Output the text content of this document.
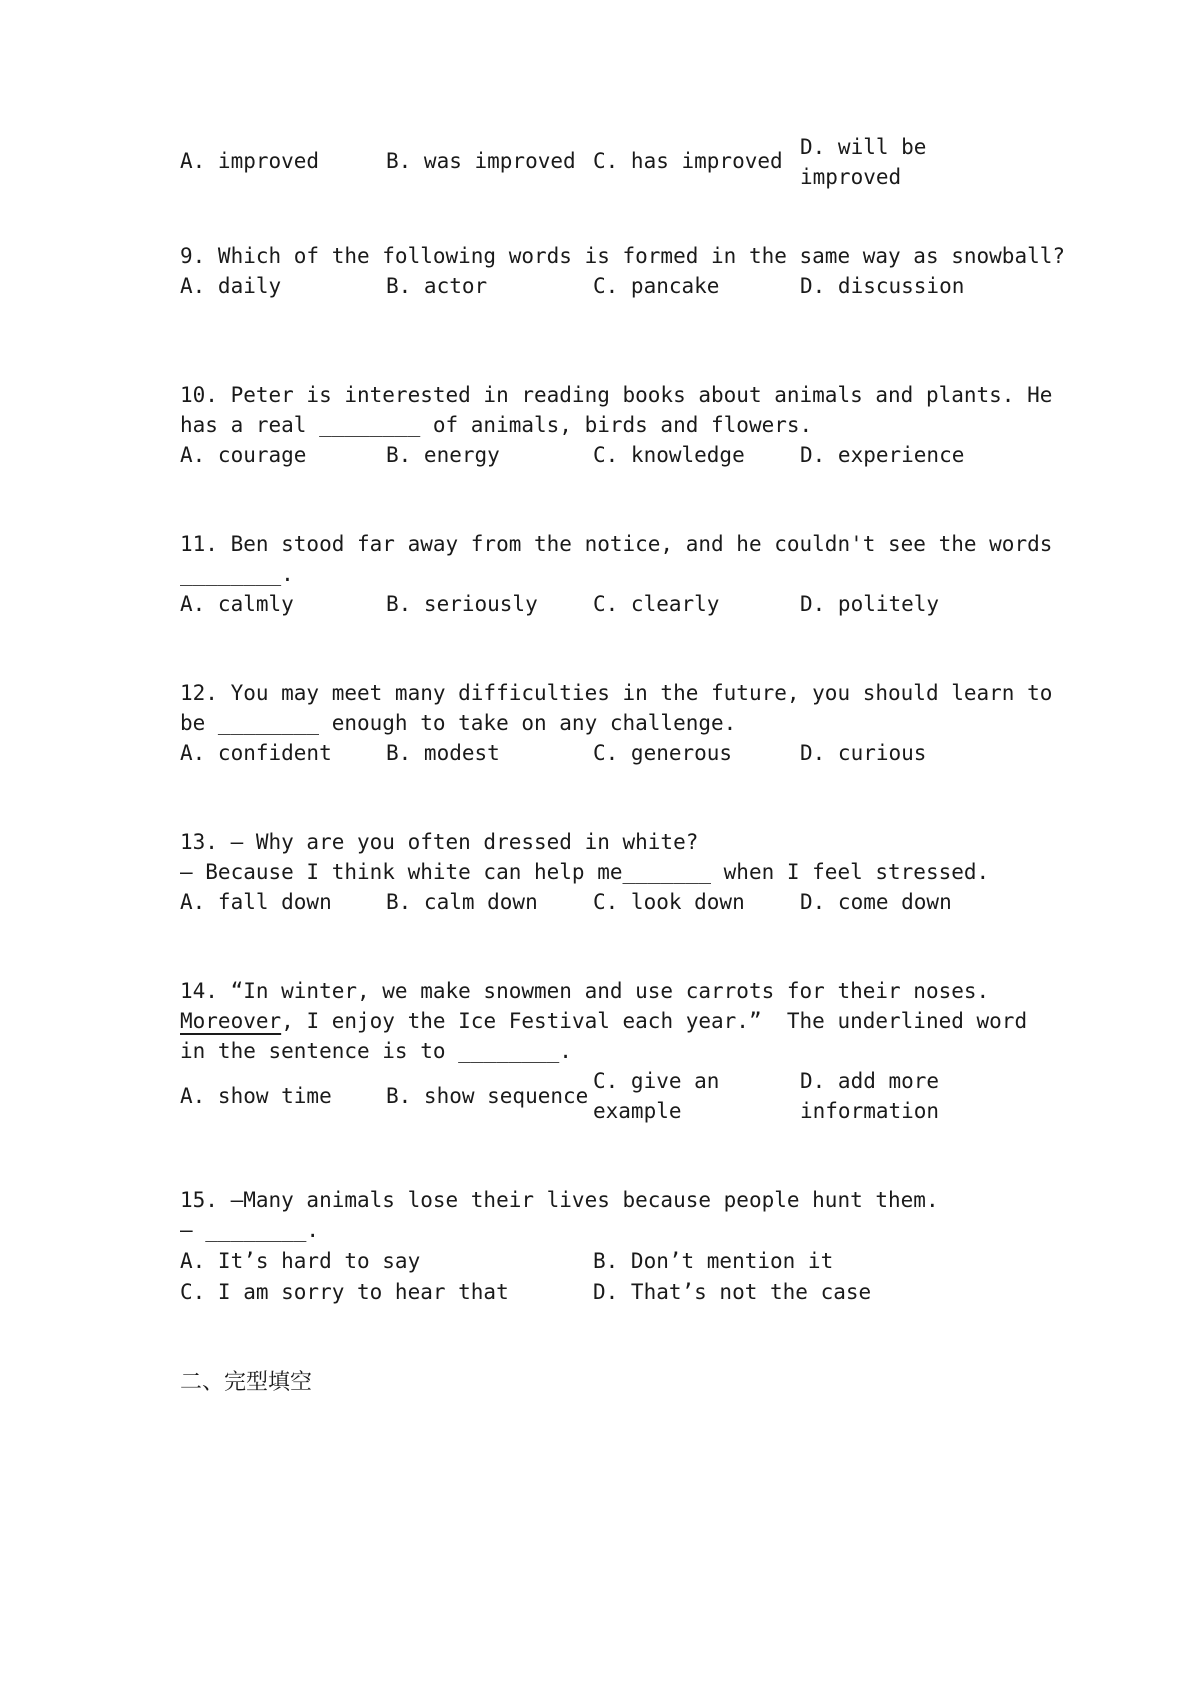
A. improved	B. was improved C. has improved
D. will be
improved
9. Which of the following words is formed in the same way as snowball?
A. daily	B. actor	C. pancake	D. discussion
10. Peter is interested in reading books about animals and plants. He
has a real ________ of animals, birds and flowers.
A. courage	B. energy	C. knowledge	D. experience
11. Ben stood far away from the notice, and he couldn't see the words
________.
A. calmly	B. seriously	C. clearly	D. politely
12. You may meet many difficulties in the future, you should learn to
be ________ enough to take on any challenge.
A. confident	B. modest	C. generous	D. curious
13. — Why are you often dressed in white?
— Because I think white can help me_______ when I feel stressed.
A. fall down	B. calm down	C. look down	D. come down
14. “In winter, we make snowmen and use carrots for their noses.
Moreover, I enjoy the Ice Festival each year.”  The underlined word
in the sentence is to ________.
A. show time	B. show sequence
C. give an
example
D. add more
information
15. —Many animals lose their lives because people hunt them.
— ________.
A. It’s hard to say	B. Don’t mention it
C. I am sorry to hear that	D. That’s not the case
二、完型填空
